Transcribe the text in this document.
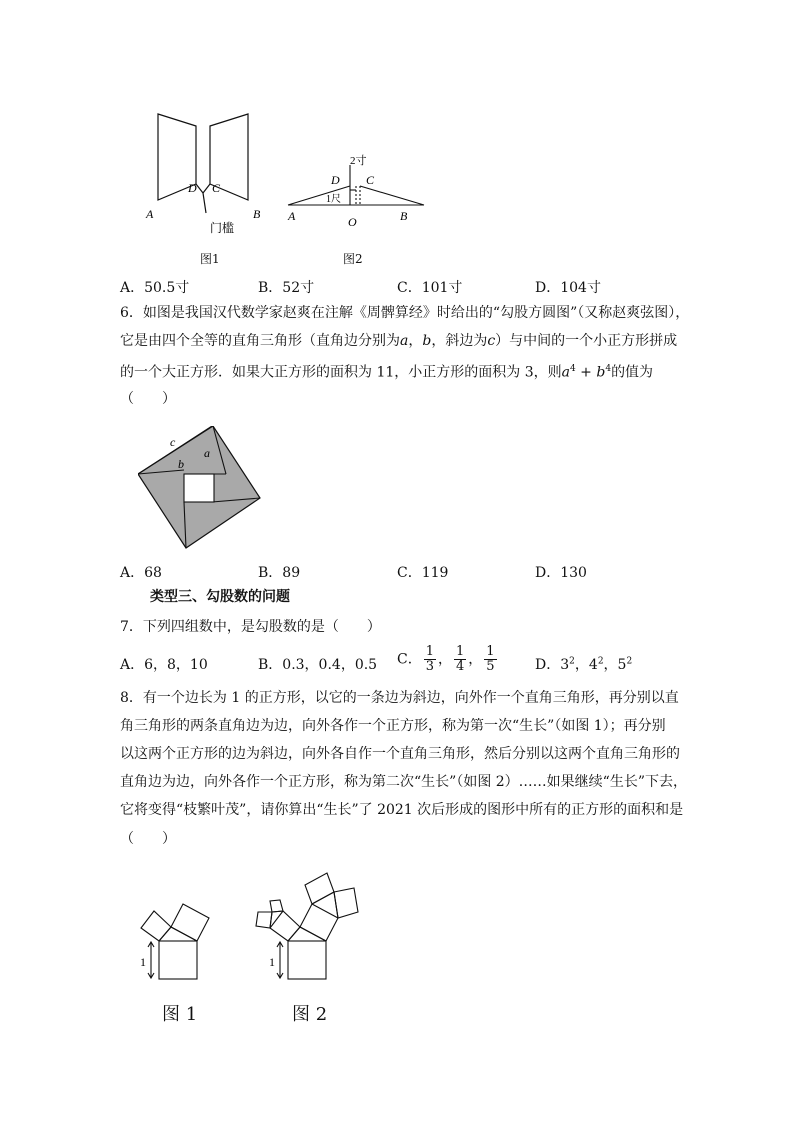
D C
A	B
门槛
图1
2寸
D C
1尺
A	O	B
图2
A．50.5寸	B．52寸	C．101寸	D．104寸
6．如图是我国汉代数学家赵爽在注解《周髀算经》时给出的“勾股方圆图”（又称赵爽弦图），
它是由四个全等的直角三角形（直角边分别为a，b，斜边为c）与中间的一个小正方形拼成
的一个大正方形．如果大正方形的面积为 11，小正方形的面积为 3，则$a^4 + b^4$的值为
（　　）
c
a
b
A．68	B．89	C．119	D．130
类型三、勾股数的问题
7．下列四组数中，是勾股数的是（　　）
A．6，8，10	B．0.3，0.4，0.5 C． $\frac{1}{3}$ ， $\frac{1}{4}$ ， $\frac{1}{5}$	D．$3^2$，$4^2$，$5^2$
8．有一个边长为 1 的正方形，以它的一条边为斜边，向外作一个直角三角形，再分别以直
角三角形的两条直角边为边，向外各作一个正方形，称为第一次“生长”（如图 1）；再分别
以这两个正方形的边为斜边，向外各自作一个直角三角形，然后分别以这两个直角三角形的
直角边为边，向外各作一个正方形，称为第二次“生长”（如图 2）……如果继续“生长”下去，
它将变得“枝繁叶茂”，请你算出“生长”了 2021 次后形成的图形中所有的正方形的面积和是
（　　）
1
图 1
1
图 2
